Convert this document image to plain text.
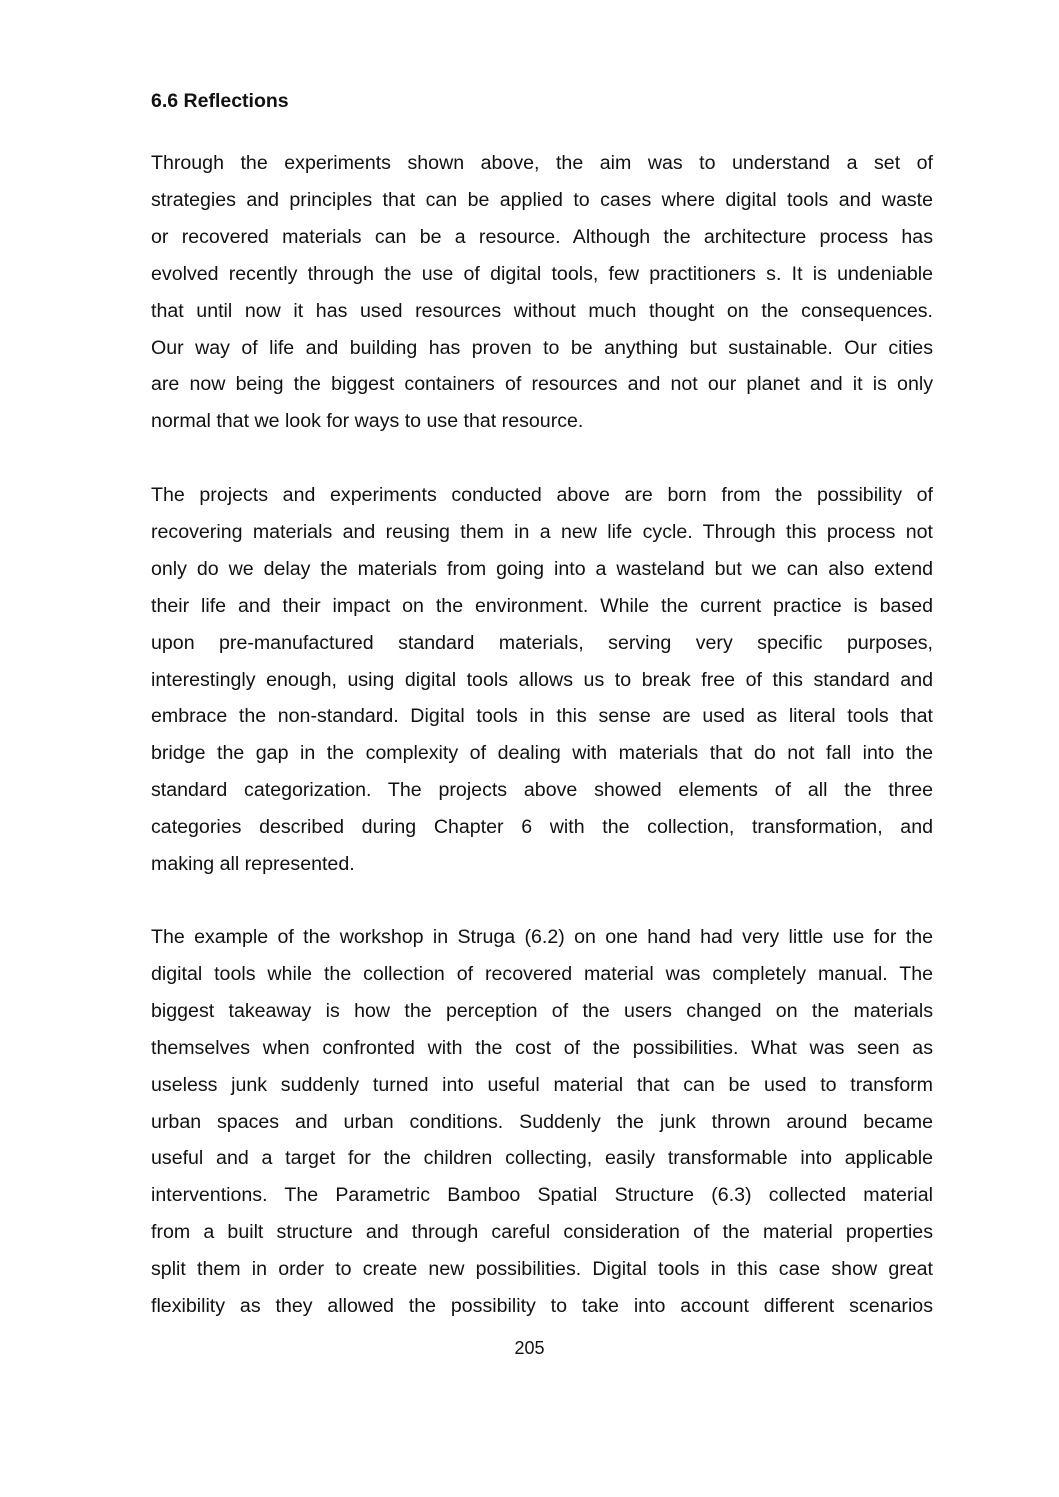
6.6 Reflections
Through the experiments shown above, the aim was to understand a set of
strategies and principles that can be applied to cases where digital tools and waste
or recovered materials can be a resource. Although the architecture process has
evolved recently through the use of digital tools, few practitioners s. It is undeniable
that until now it has used resources without much thought on the consequences.
Our way of life and building has proven to be anything but sustainable. Our cities
are now being the biggest containers of resources and not our planet and it is only
normal that we look for ways to use that resource.
The projects and experiments conducted above are born from the possibility of
recovering materials and reusing them in a new life cycle. Through this process not
only do we delay the materials from going into a wasteland but we can also extend
their life and their impact on the environment. While the current practice is based
upon pre-manufactured standard materials, serving very specific purposes,
interestingly enough, using digital tools allows us to break free of this standard and
embrace the non-standard. Digital tools in this sense are used as literal tools that
bridge the gap in the complexity of dealing with materials that do not fall into the
standard categorization. The projects above showed elements of all the three
categories described during Chapter 6 with the collection, transformation, and
making all represented.
The example of the workshop in Struga (6.2) on one hand had very little use for the
digital tools while the collection of recovered material was completely manual. The
biggest takeaway is how the perception of the users changed on the materials
themselves when confronted with the cost of the possibilities. What was seen as
useless junk suddenly turned into useful material that can be used to transform
urban spaces and urban conditions. Suddenly the junk thrown around became
useful and a target for the children collecting, easily transformable into applicable
interventions. The Parametric Bamboo Spatial Structure (6.3) collected material
from a built structure and through careful consideration of the material properties
split them in order to create new possibilities. Digital tools in this case show great
flexibility as they allowed the possibility to take into account different scenarios

205
